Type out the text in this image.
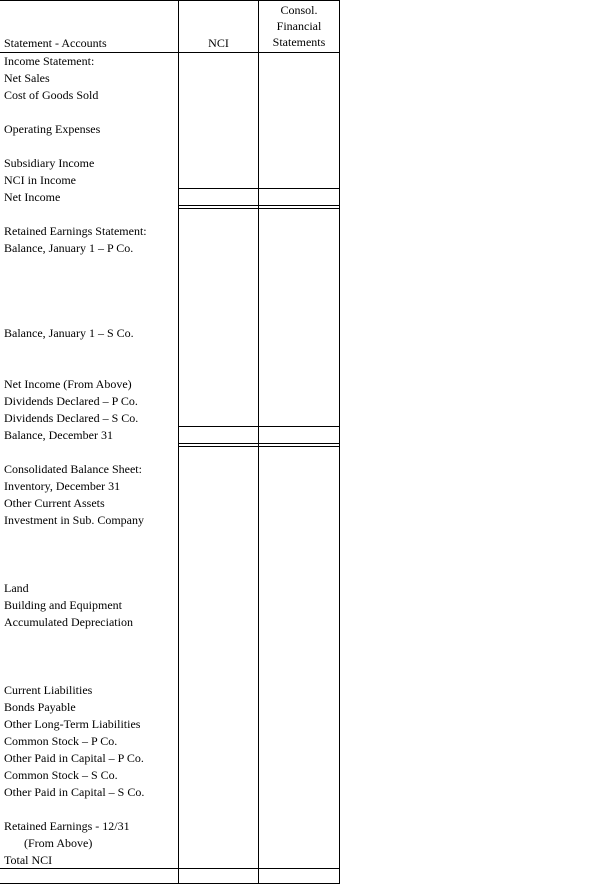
Statement - Accounts	NCI
Consol.
Financial
Statements
Income Statement:
Net Sales
Cost of Goods Sold
Operating Expenses
Subsidiary Income
NCI in Income
Net Income
Retained Earnings Statement:
Balance, January 1 – P Co.
Balance, January 1 – S Co.
Net Income (From Above)
Dividends Declared – P Co.
Dividends Declared – S Co.
Balance, December 31
Consolidated Balance Sheet:
Inventory, December 31
Other Current Assets
Investment in Sub. Company
Land
Building and Equipment
Accumulated Depreciation
Current Liabilities
Bonds Payable
Other Long-Term Liabilities
Common Stock – P Co.
Other Paid in Capital – P Co.
Common Stock – S Co.
Other Paid in Capital – S Co.
Retained Earnings - 12/31
(From Above)
Total NCI
